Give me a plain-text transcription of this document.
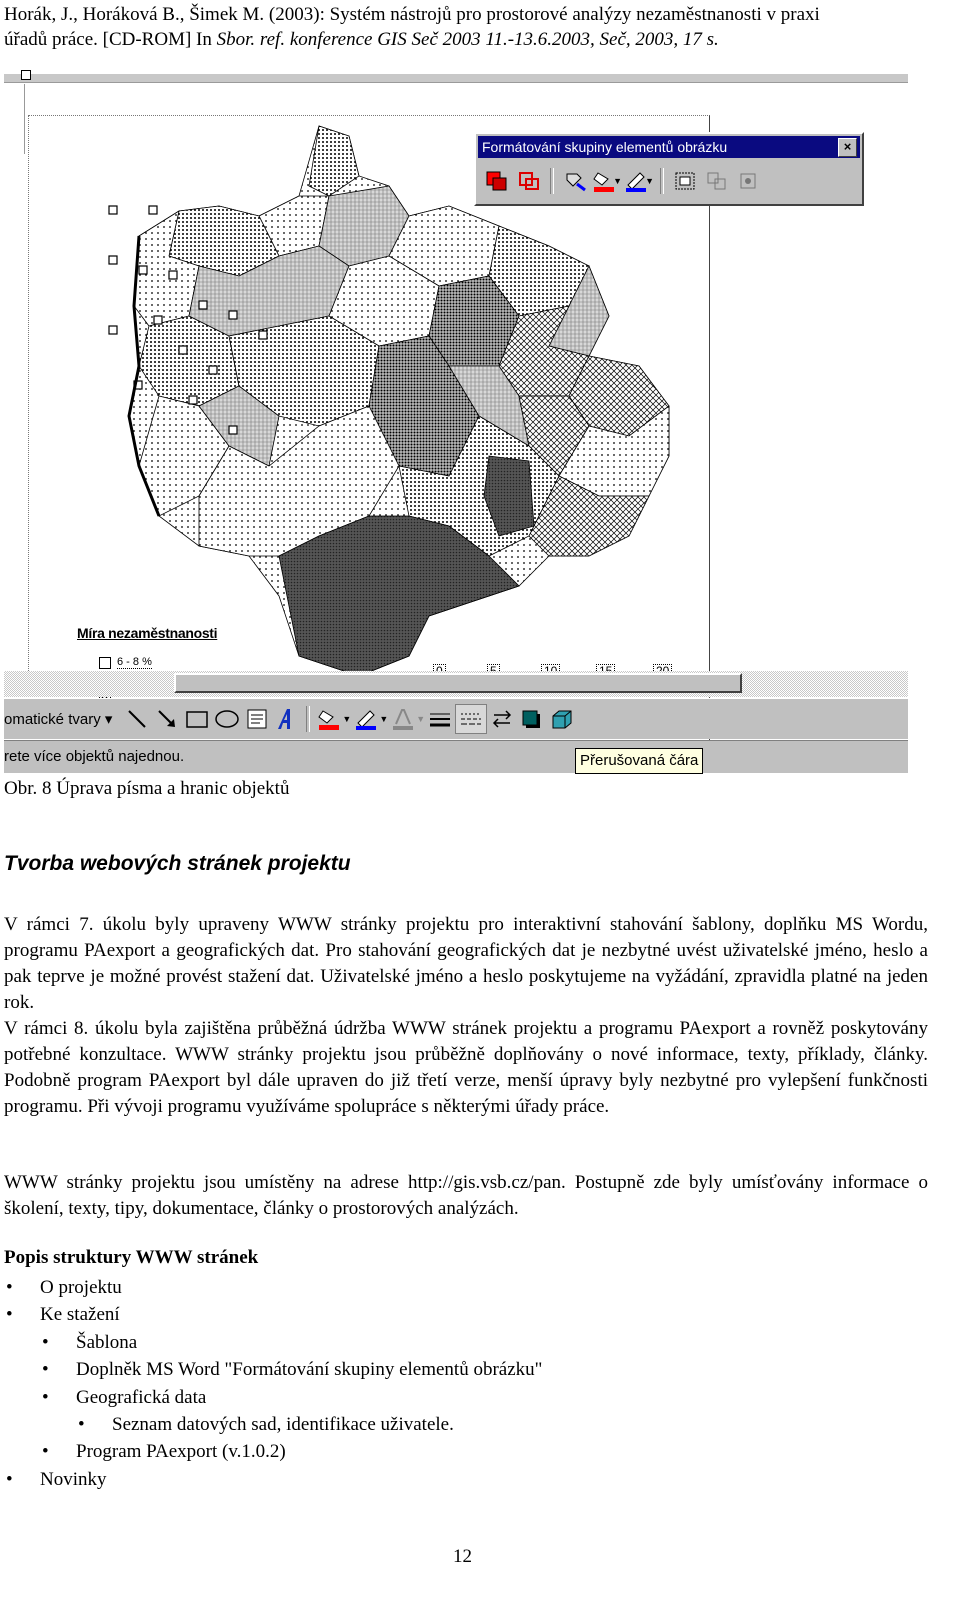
Horák, J., Horáková B., Šimek M. (2003): Systém nástrojů pro prostorové analýzy nezaměstnanosti v praxi
úřadů práce. [CD-ROM] In Sbor. ref. konference GIS Seč 2003 11.-13.6.2003, Seč, 2003, 17 s.
Míra nezaměstnanosti
6 - 8 %
Formátování skupiny elementů obrázku	×
▼	▼
omatické tvary ▾	▼	▼	▼
rete více objektů najednou.	Přerušovaná čára
Obr. 8 Úprava písma a hranic objektů
Tvorba webových stránek projektu

V rámci 7. úkolu byly upraveny WWW stránky projektu pro interaktivní stahování šablony, doplňku MS Wordu, programu PAexport a geografických dat. Pro stahování geografických dat je nezbytné uvést uživatelské jméno, heslo a pak teprve je možné provést stažení dat. Uživatelské jméno a heslo poskytujeme na vyžádání, zpravidla platné na jeden rok.

V rámci 8. úkolu byla zajištěna průběžná údržba WWW stránek projektu a programu PAexport a rovněž poskytovány potřebné konzultace. WWW stránky projektu jsou průběžně doplňovány o nové informace, texty, příklady, články. Podobně program PAexport byl dále upraven do již třetí verze, menší úpravy byly nezbytné pro vylepšení funkčnosti programu. Při vývoji programu využíváme spolupráce s některými úřady práce.

WWW stránky projektu jsou umístěny na adrese http://gis.vsb.cz/pan. Postupně zde byly umísťovány informace o školení, texty, tipy, dokumentace, články o prostorových analýzách.

Popis struktury WWW stránek
• O projektu
• Ke stažení
• Šablona
• Doplněk MS Word "Formátování skupiny elementů obrázku"
• Geografická data
• Seznam datových sad, identifikace uživatele.
• Program PAexport (v.1.0.2)
• Novinky
12
